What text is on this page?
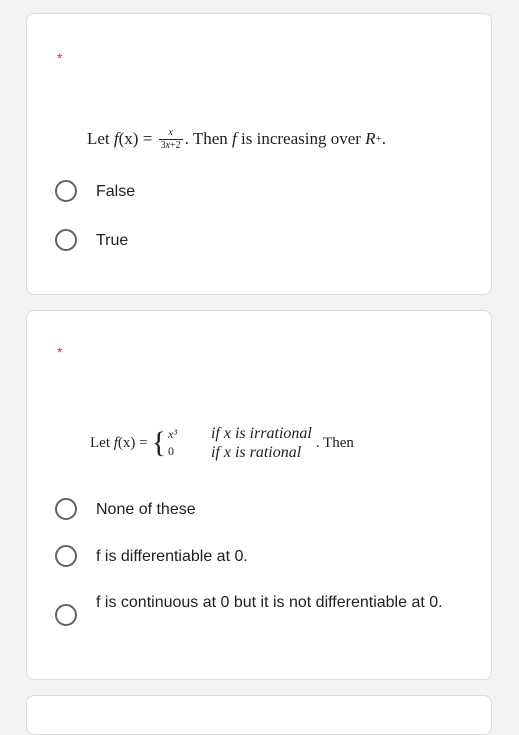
*
Let
f (x) =
$\frac{x}{3x+2}$ . Then
f
is increasing over
R + .
False
True
*
Let
f (x) = { x³
0
if x is irrational
if x is rational
. Then
None of these
f is differentiable at 0.
f is continuous at 0 but it is not differentiable at 0.
